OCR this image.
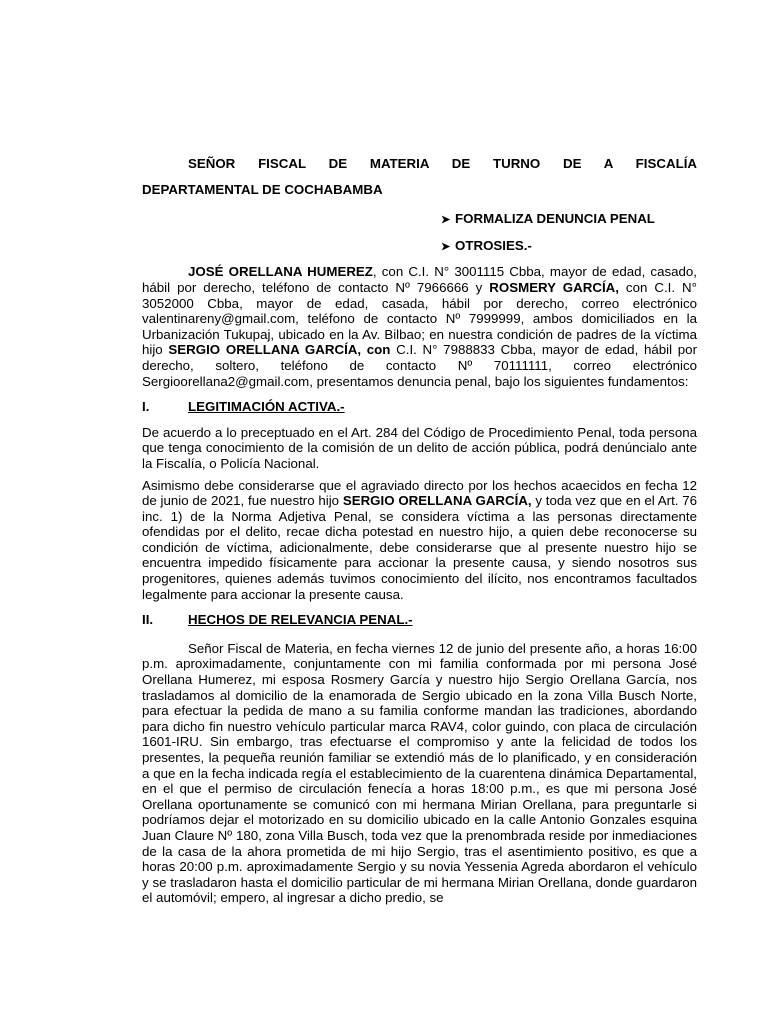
SEÑOR FISCAL DE MATERIA DE TURNO DE A FISCALÍA
DEPARTAMENTAL DE COCHABAMBA
➤ FORMALIZA DENUNCIA PENAL
➤ OTROSIES.-

JOSÉ ORELLANA HUMEREZ, con C.I. N° 3001115 Cbba, mayor de edad, casado, hábil por derecho, teléfono de contacto Nº 7966666 y ROSMERY GARCÍA, con C.I. N° 3052000 Cbba, mayor de edad, casada, hábil por derecho, correo electrónico valentinareny@gmail.com, teléfono de contacto Nº 7999999, ambos domiciliados en la Urbanización Tukupaj, ubicado en la Av. Bilbao; en nuestra condición de padres de la víctima hijo SERGIO ORELLANA GARCÍA, con C.I. N° 7988833 Cbba, mayor de edad, hábil por derecho, soltero, teléfono de contacto Nº 70111111, correo electrónico Sergioorellana2@gmail.com, presentamos denuncia penal, bajo los siguientes fundamentos:

I.	LEGITIMACIÓN ACTIVA.-

De acuerdo a lo preceptuado en el Art. 284 del Código de Procedimiento Penal, toda persona que tenga conocimiento de la comisión de un delito de acción pública, podrá denúncialo ante la Fiscalía, o Policía Nacional.

Asimismo debe considerarse que el agraviado directo por los hechos acaecidos en fecha 12 de junio de 2021, fue nuestro hijo SERGIO ORELLANA GARCÍA, y toda vez que en el Art. 76 inc. 1) de la Norma Adjetiva Penal, se considera víctima a las personas directamente ofendidas por el delito, recae dicha potestad en nuestro hijo, a quien debe reconocerse su condición de víctima, adicionalmente, debe considerarse que al presente nuestro hijo se encuentra impedido físicamente para accionar la presente causa, y siendo nosotros sus progenitores, quienes además tuvimos conocimiento del ilícito, nos encontramos facultados legalmente para accionar la presente causa.

II.	HECHOS DE RELEVANCIA PENAL.-

Señor Fiscal de Materia, en fecha viernes 12 de junio del presente año, a horas 16:00 p.m. aproximadamente, conjuntamente con mi familia conformada por mi persona José Orellana Humerez, mi esposa Rosmery García y nuestro hijo Sergio Orellana García, nos trasladamos al domicilio de la enamorada de Sergio ubicado en la zona Villa Busch Norte, para efectuar la pedida de mano a su familia conforme mandan las tradiciones, abordando para dicho fin nuestro vehículo particular marca RAV4, color guindo, con placa de circulación 1601-IRU. Sin embargo, tras efectuarse el compromiso y ante la felicidad de todos los presentes, la pequeña reunión familiar se extendió más de lo planificado, y en consideración a que en la fecha indicada regía el establecimiento de la cuarentena dinámica Departamental, en el que el permiso de circulación fenecía a horas 18:00 p.m., es que mi persona José Orellana oportunamente se comunicó con mi hermana Mirian Orellana, para preguntarle si podríamos dejar el motorizado en su domicilio ubicado en la calle Antonio Gonzales esquina Juan Claure Nº 180, zona Villa Busch, toda vez que la prenombrada reside por inmediaciones de la casa de la ahora prometida de mi hijo Sergio, tras el asentimiento positivo, es que a horas 20:00 p.m. aproximadamente Sergio y su novia Yessenia Agreda abordaron el vehículo y se trasladaron hasta el domicilio particular de mi hermana Mirian Orellana, donde guardaron el automóvil; empero, al ingresar a dicho predio, se
